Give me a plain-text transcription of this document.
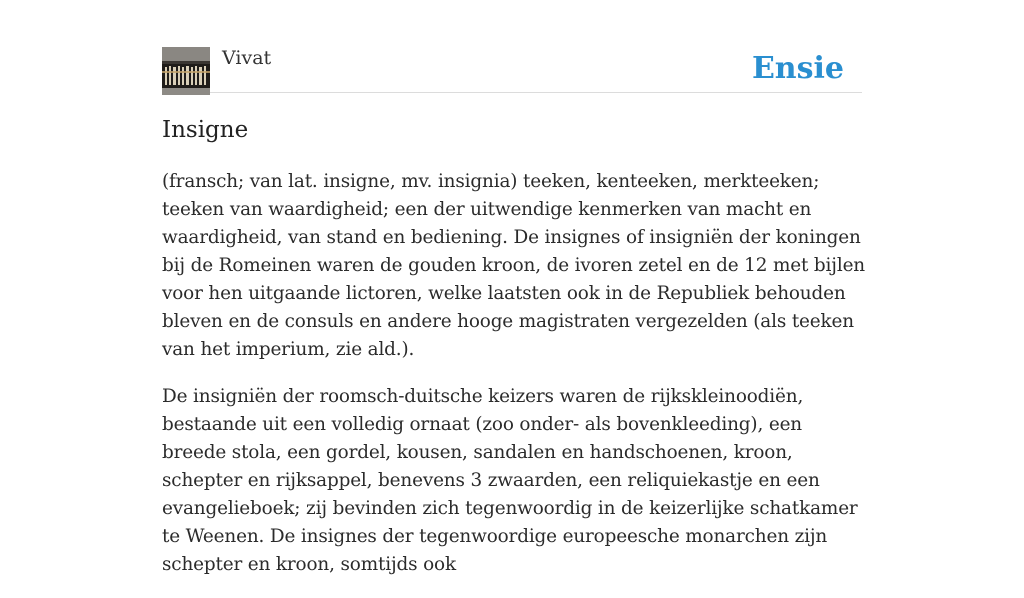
Vivat	Ensie
Insigne

(fransch; van lat. insigne, mv. insignia) teeken, kenteeken, merkteeken; teeken van waardigheid; een der uitwendige kenmerken van macht en waardigheid, van stand en bediening. De insignes of insigniën der koningen bij de Romeinen waren de gouden kroon, de ivoren zetel en de 12 met bijlen voor hen uitgaande lictoren, welke laatsten ook in de Republiek behouden bleven en de consuls en andere hooge magistraten vergezelden (als teeken van het imperium, zie ald.).

De insigniën der roomsch-duitsche keizers waren de rijkskleinoodiën, bestaande uit een volledig ornaat (zoo onder- als bovenkleeding), een breede stola, een gordel, kousen, sandalen en handschoenen, kroon, schepter en rijksappel, benevens 3 zwaarden, een reliquiekastje en een evangelieboek; zij bevinden zich tegenwoordig in de keizerlijke schatkamer te Weenen. De insignes der tegenwoordige europeesche monarchen zijn schepter en kroon, somtijds ook
